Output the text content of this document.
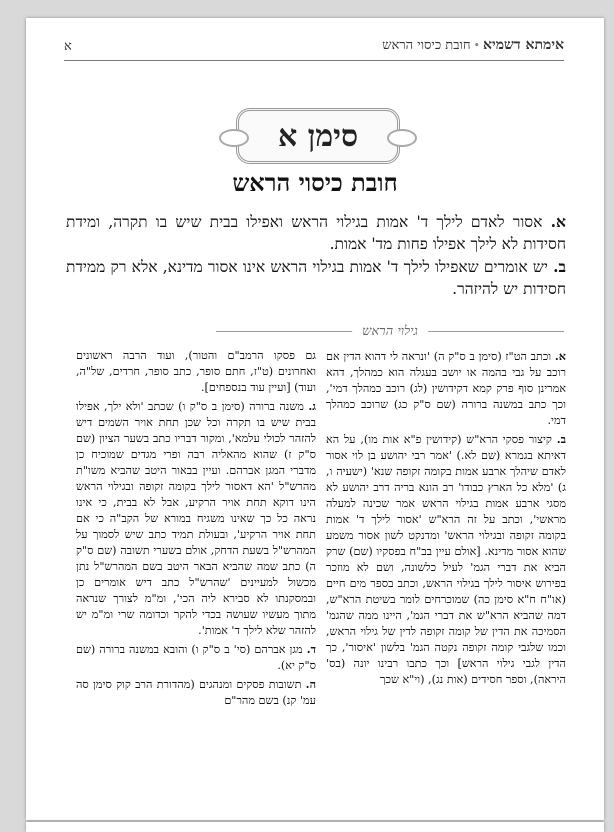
אימתא דשמיא•חובת כיסוי הראש
א
סימן א
חובת כיסוי הראש
א. אסור לאדם לילך ד' אמות בגילוי הראש ואפילו בבית שיש בו תקרה, ומידת חסידות לא לילך אפילו פחות מד' אמות.
ב. יש אומרים שאפילו לילך ד' אמות בגילוי הראש אינו אסור מדינא, אלא רק ממידת חסידות יש להיזהר.
גילוי הראש

א. וכתב הט"ז (סימן ב ס"ק ה) 'ונראה לי דהוא הדין אם רוכב על גבי בהמה או יושב בעגלה הוא כמהלך, דהא אמרינן סוף פרק קמא דקידושין (לג) רוכב כמהלך דמי', וכך כתב במשנה ברורה (שם ס"ק כג) שרוכב כמהלך דמי.

ב. קיצור פסקי הרא"ש (קידושין פ"א אות מו), על הא דאיתא בגמרא (שם לא.) 'אמר רבי יהושע בן לוי אסור לאדם שיהלך ארבע אמות בקומה זקופה שנא' (ישעיה ו, ג) 'מלא כל הארץ כבודו' רב הונא בריה דרב יהושע לא מסגי ארבע אמות בגילוי הראש אמר שכינה למעלה מראשי', וכתב על זה הרא"ש 'אסור לילך ד' אמות בקומה זקופה ובגילוי הראש' ומדנקט לשון אסור משמע שהוא אסור מדינא. [אולם עיין בב"ח בפסקיו (שם) שרק הביא את דברי הגמ' לעיל כלשונה, ושם לא מוזכר בפירוש איסור לילך בגילוי הראש, וכתב בספר מים חיים (או"ח ח"א סימן כה) שמוכרחים לומר בשיטת הרא"ש, דמה שהביא הרא"ש את דברי הגמ', היינו ממה שהגמ' הסמיכה את הדין של קומה זקופה לדין של גילוי הראש, וכמו שלגבי קומה זקופה נקטה הגמ' בלשון 'איסור', כך הדין לגבי גילוי הראש] וכך כתבו רבינו יונה (בס' היראה), וספר חסידים (אות נג), (וי"א שכך

גם פסקו הרמב"ם והטור), ועוד הרבה ראשונים ואחרונים (ט"ז, חתם סופר, כתב סופר, חרדים, של"ה, ועוד) [ועיין עוד בנספחים].

ג. משנה ברורה (סימן ב ס"ק ו) שכתב 'ולא ילך, אפילו בבית שיש בו תקרה וכל שכן תחת אויר השמים דיש להזהר לכולי עלמא', ומקור דבריו כתב בשער הציון (שם ס"ק ז) שהוא מהאליה רבה ופרי מגדים שמוכיח כן מדברי המגן אברהם. ועיין בבאור היטב שהביא משו"ת מהרש"ל 'הא דאסור לילך בקומה זקופה ובגילוי הראש הינו דוקא תחת אויר הרקיע, אבל לא בבית, כי אינו נראה כל כך שאינו משגיח במורא של הקב"ה כי אם תחת אויר הרקיע', ובעולת תמיד כתב שיש לסמוך על המהרש"ל בשעת הדחק, אולם בשערי תשובה (שם ס"ק ה) כתב שמה שהביא הבאר היטב בשם המהרש"ל נתן מכשול למעיינים 'שהרש"ל כתב דיש אומרים כן ובמסקנתו לא סבירא ליה הכי', ומ"מ לצורך שנראה מתוך מעשיו שעושה בכדי להקר וכדומה שרי ומ"מ יש להזהר שלא לילך ד' אמות'.

ד. מגן אברהם (סי' ב ס"ק ו) והובא במשנה ברורה (שם ס"ק יא).

ה. תשובות פסקים ומנהגים (מהדורת הרב קוק סימן סה עמ' קנ) בשם מהר"ם
